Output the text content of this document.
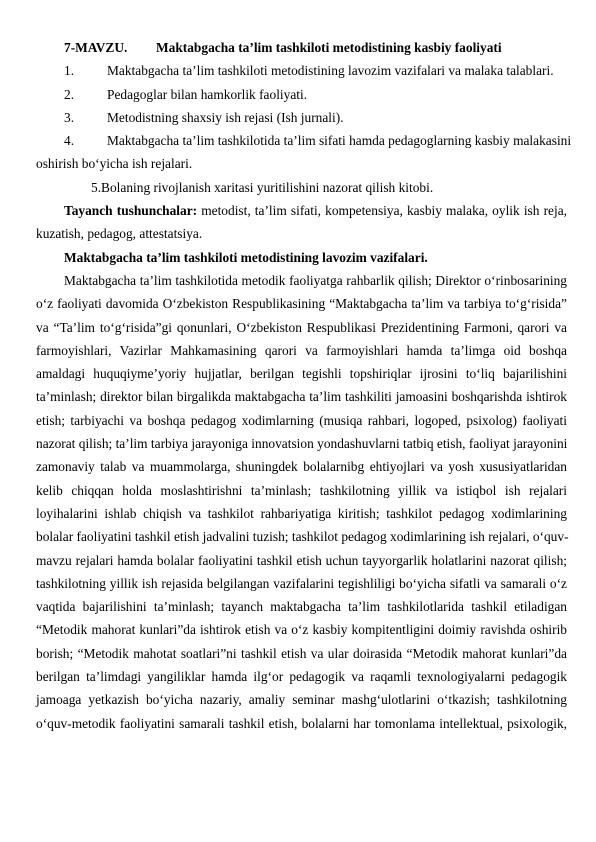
7-MAVZU. Maktabgacha ta’lim tashkiloti metodistining kasbiy faoliyati
1. Maktabgacha ta’lim tashkiloti metodistining lavozim vazifalari va malaka talablari.
2. Pedagoglar bilan hamkorlik faoliyati.
3. Metodistning shaxsiy ish rejasi (Ish jurnali).
4. Maktabgacha ta’lim tashkilotida ta’lim sifati hamda pedagoglarning kasbiy malakasini
oshirish bo‘yicha ish rejalari.
5.Bolaning rivojlanish xaritasi yuritilishini nazorat qilish kitobi.
Tayanch tushunchalar: metodist, ta’lim sifati, kompetensiya, kasbiy malaka, oylik ish reja,
kuzatish, pedagog, attestatsiya.
Maktabgacha ta’lim tashkiloti metodistining lavozim vazifalari.
Maktabgacha ta’lim tashkilotida metodik faoliyatga rahbarlik qilish; Direktor o‘rinbosarining
o‘z faoliyati davomida O‘zbekiston Respublikasining “Maktabgacha ta’lim va tarbiya to‘g‘risida”
va “Ta’lim to‘g‘risida”gi qonunlari, O‘zbekiston Respublikasi Prezidentining Farmoni, qarori va
farmoyishlari, Vazirlar Mahkamasining qarori va farmoyishlari hamda ta’limga oid boshqa
amaldagi huquqiyme’yoriy hujjatlar, berilgan tegishli topshiriqlar ijrosini to‘liq bajarilishini
ta’minlash; direktor bilan birgalikda maktabgacha ta’lim tashkiliti jamoasini boshqarishda ishtirok
etish; tarbiyachi va boshqa pedagog xodimlarning (musiqa rahbari, logoped, psixolog) faoliyati
nazorat qilish; ta’lim tarbiya jarayoniga innovatsion yondashuvlarni tatbiq etish, faoliyat jarayonini
zamonaviy talab va muammolarga, shuningdek bolalarnibg ehtiyojlari va yosh xususiyatlaridan
kelib chiqqan holda moslashtirishni ta’minlash; tashkilotning yillik va istiqbol ish rejalari
loyihalarini ishlab chiqish va tashkilot rahbariyatiga kiritish; tashkilot pedagog xodimlarining
bolalar faoliyatini tashkil etish jadvalini tuzish; tashkilot pedagog xodimlarining ish rejalari, o‘quv-
mavzu rejalari hamda bolalar faoliyatini tashkil etish uchun tayyorgarlik holatlarini nazorat qilish;
tashkilotning yillik ish rejasida belgilangan vazifalarini tegishliligi bo‘yicha sifatli va samarali o‘z
vaqtida bajarilishini ta’minlash; tayanch maktabgacha ta’lim tashkilotlarida tashkil etiladigan
“Metodik mahorat kunlari”da ishtirok etish va o‘z kasbiy kompitentligini doimiy ravishda oshirib
borish; “Metodik mahotat soatlari”ni tashkil etish va ular doirasida “Metodik mahorat kunlari”da
berilgan ta’limdagi yangiliklar hamda ilg‘or pedagogik va raqamli texnologiyalarni pedagogik
jamoaga yetkazish bo‘yicha nazariy, amaliy seminar mashg‘ulotlarini o‘tkazish; tashkilotning
o‘quv-metodik faoliyatini samarali tashkil etish, bolalarni har tomonlama intellektual, psixologik,
